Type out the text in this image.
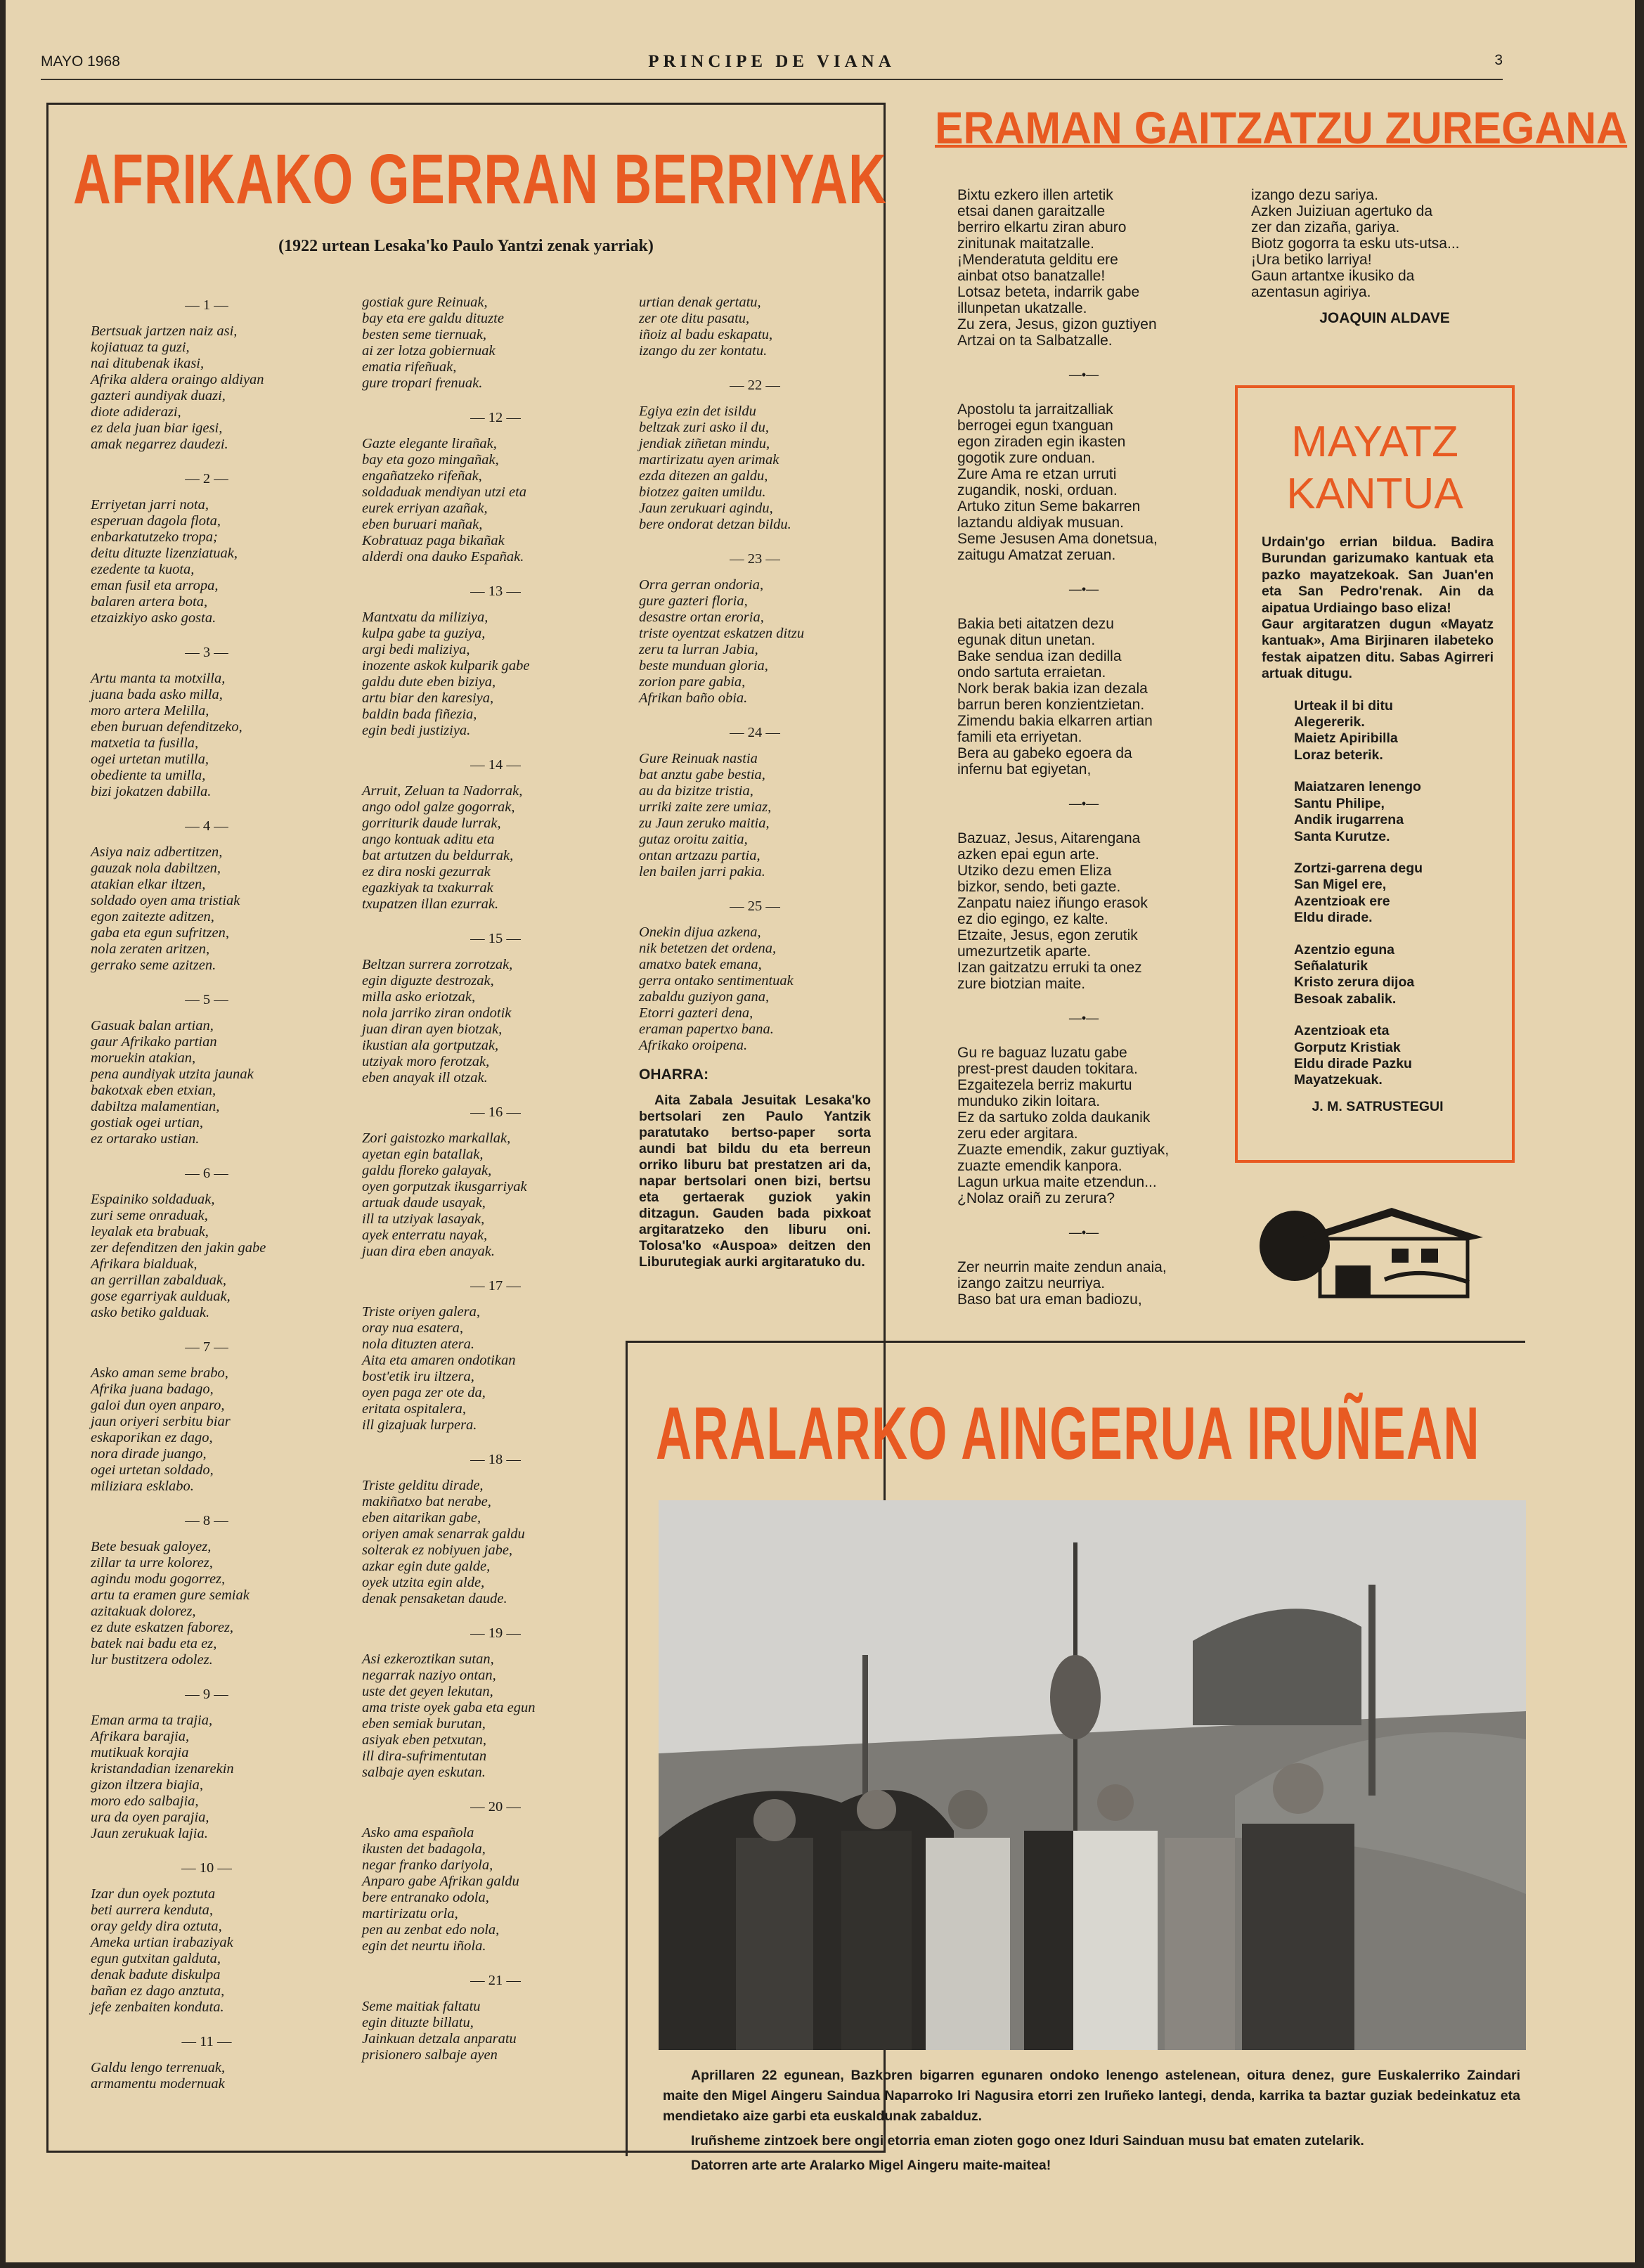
MAYO 1968	PRINCIPE DE VIANA	3
AFRIKAKO GERRAN BERRIYAK
(1922 urtean Lesaka'ko Paulo Yantzi zenak yarriak)
— 1 —
Bertsuak jartzen naiz asi,
kojiatuaz ta guzi,
nai ditubenak ikasi,
Afrika aldera oraingo aldiyan
gazteri aundiyak duazi,
diote adiderazi,
ez dela juan biar igesi,
amak negarrez daudezi.
— 2 —
Erriyetan jarri nota,
esperuan dagola flota,
enbarkatutzeko tropa;
deitu dituzte lizenziatuak,
ezedente ta kuota,
eman fusil eta arropa,
balaren artera bota,
etzaizkiyo asko gosta.
— 3 —
Artu manta ta motxilla,
juana bada asko milla,
moro artera Melilla,
eben buruan defenditzeko,
matxetia ta fusilla,
ogei urtetan mutilla,
obediente ta umilla,
bizi jokatzen dabilla.
— 4 —
Asiya naiz adbertitzen,
gauzak nola dabiltzen,
atakian elkar iltzen,
soldado oyen ama tristiak
egon zaitezte aditzen,
gaba eta egun sufritzen,
nola zeraten aritzen,
gerrako seme azitzen.
— 5 —
Gasuak balan artian,
gaur Afrikako partian
moruekin atakian,
pena aundiyak utzita jaunak
bakotxak eben etxian,
dabiltza malamentian,
gostiak ogei urtian,
ez ortarako ustian.
— 6 —
Espainiko soldaduak,
zuri seme onraduak,
leyalak eta brabuak,
zer defenditzen den jakin gabe
Afrikara bialduak,
an gerrillan zabalduak,
gose egarriyak aulduak,
asko betiko galduak.
— 7 —
Asko aman seme brabo,
Afrika juana badago,
galoi dun oyen anparo,
jaun oriyeri serbitu biar
eskaporikan ez dago,
nora dirade juango,
ogei urtetan soldado,
miliziara esklabo.
— 8 —
Bete besuak galoyez,
zillar ta urre kolorez,
agindu modu gogorrez,
artu ta eramen gure semiak
azitakuak dolorez,
ez dute eskatzen faborez,
batek nai badu eta ez,
lur bustitzera odolez.
— 9 —
Eman arma ta trajia,
Afrikara barajia,
mutikuak korajia
kristandadian izenarekin
gizon iltzera biajia,
moro edo salbajia,
ura da oyen parajia,
Jaun zerukuak lajia.
— 10 —
Izar dun oyek poztuta
beti aurrera kenduta,
oray geldy dira oztuta,
Ameka urtian irabaziyak
egun gutxitan galduta,
denak badute diskulpa
bañan ez dago anztuta,
jefe zenbaiten konduta.
— 11 —
Galdu lengo terrenuak,
armamentu modernuak
gostiak gure Reinuak,
bay eta ere galdu dituzte
besten seme tiernuak,
ai zer lotza gobiernuak
ematia rifeñuak,
gure tropari frenuak.
— 12 —
Gazte elegante lirañak,
bay eta gozo mingañak,
engañatzeko rifeñak,
soldaduak mendiyan utzi eta
eurek erriyan azañak,
eben buruari mañak,
Kobratuaz paga bikañak
alderdi ona dauko Españak.
— 13 —
Mantxatu da miliziya,
kulpa gabe ta guziya,
argi bedi maliziya,
inozente askok kulparik gabe
galdu dute eben biziya,
artu biar den karesiya,
baldin bada fiñezia,
egin bedi justiziya.
— 14 —
Arruit, Zeluan ta Nadorrak,
ango odol galze gogorrak,
gorriturik daude lurrak,
ango kontuak aditu eta
bat artutzen du beldurrak,
ez dira noski gezurrak
egazkiyak ta txakurrak
txupatzen illan ezurrak.
— 15 —
Beltzan surrera zorrotzak,
egin diguzte destrozak,
milla asko eriotzak,
nola jarriko ziran ondotik
juan diran ayen biotzak,
ikustian ala gortputzak,
utziyak moro ferotzak,
eben anayak ill otzak.
— 16 —
Zori gaistozko markallak,
ayetan egin batallak,
galdu floreko galayak,
oyen gorputzak ikusgarriyak
artuak daude usayak,
ill ta utziyak lasayak,
ayek enterratu nayak,
juan dira eben anayak.
— 17 —
Triste oriyen galera,
oray nua esatera,
nola dituzten atera.
Aita eta amaren ondotikan
bost'etik iru iltzera,
oyen paga zer ote da,
eritata ospitalera,
ill gizajuak lurpera.
— 18 —
Triste gelditu dirade,
makiñatxo bat nerabe,
eben aitarikan gabe,
oriyen amak senarrak galdu
solterak ez nobiyuen jabe,
azkar egin dute galde,
oyek utzita egin alde,
denak pensaketan daude.
— 19 —
Asi ezkeroztikan sutan,
negarrak naziyo ontan,
uste det geyen lekutan,
ama triste oyek gaba eta egun
eben semiak burutan,
asiyak eben petxutan,
ill dira-sufrimentutan
salbaje ayen eskutan.
— 20 —
Asko ama española
ikusten det badagola,
negar franko dariyola,
Anparo gabe Afrikan galdu
bere entranako odola,
martirizatu orla,
pen au zenbat edo nola,
egin det neurtu iñola.
— 21 —
Seme maitiak faltatu
egin dituzte billatu,
Jainkuan detzala anparatu
prisionero salbaje ayen
urtian denak gertatu,
zer ote ditu pasatu,
iñoiz al badu eskapatu,
izango du zer kontatu.
— 22 —
Egiya ezin det isildu
beltzak zuri asko il du,
jendiak ziñetan mindu,
martirizatu ayen arimak
ezda ditezen an galdu,
biotzez gaiten umildu.
Jaun zerukuari agindu,
bere ondorat detzan bildu.
— 23 —
Orra gerran ondoria,
gure gazteri floria,
desastre ortan eroria,
triste oyentzat eskatzen ditzu
zeru ta lurran Jabia,
beste munduan gloria,
zorion pare gabia,
Afrikan baño obia.
— 24 —
Gure Reinuak nastia
bat anztu gabe bestia,
au da bizitze tristia,
urriki zaite zere umiaz,
zu Jaun zeruko maitia,
gutaz oroitu zaitia,
ontan artzazu partia,
len bailen jarri pakia.
— 25 —
Onekin dijua azkena,
nik betetzen det ordena,
amatxo batek emana,
gerra ontako sentimentuak
zabaldu guziyon gana,
Etorri gazteri dena,
eraman papertxo bana.
Afrikako oroipena.
OHARRA:
Aita Zabala Jesuitak Lesaka'ko bertsolari zen Paulo Yantzik paratutako bertso-paper sorta aundi bat bildu du eta berreun orriko liburu bat prestatzen ari da, napar bertsolari onen bizi, bertsu eta gertaerak guziok yakin ditzagun. Gauden bada pixkoat argitaratzeko den liburu oni. Tolosa'ko «Auspoa» deitzen den Liburutegiak aurki argitaratuko du.
ERAMAN GAITZATZU ZUREGANA
Bixtu ezkero illen artetik
etsai danen garaitzalle
berriro elkartu ziran aburo
zinitunak maitatzalle.
¡Menderatuta gelditu ere
ainbat otso banatzalle!
Lotsaz beteta, indarrik gabe
illunpetan ukatzalle.
Zu zera, Jesus, gizon guztiyen
Artzai on ta Salbatzalle.
—•—
Apostolu ta jarraitzalliak
berrogei egun txanguan
egon ziraden egin ikasten
gogotik zure onduan.
Zure Ama re etzan urruti
zugandik, noski, orduan.
Artuko zitun Seme bakarren
laztandu aldiyak musuan.
Seme Jesusen Ama donetsua,
zaitugu Amatzat zeruan.
—•—
Bakia beti aitatzen dezu
egunak ditun unetan.
Bake sendua izan dedilla
ondo sartuta erraietan.
Nork berak bakia izan dezala
barrun beren konzientzietan.
Zimendu bakia elkarren artian
famili eta erriyetan.
Bera au gabeko egoera da
infernu bat egiyetan,
—•—
Bazuaz, Jesus, Aitarengana
azken epai egun arte.
Utziko dezu emen Eliza
bizkor, sendo, beti gazte.
Zanpatu naiez iñungo erasok
ez dio egingo, ez kalte.
Etzaite, Jesus, egon zerutik
umezurtzetik aparte.
Izan gaitzatzu erruki ta onez
zure biotzian maite.
—•—
Gu re baguaz luzatu gabe
prest-prest dauden tokitara.
Ezgaitezela berriz makurtu
munduko zikin loitara.
Ez da sartuko zolda daukanik
zeru eder argitara.
Zuazte emendik, zakur guztiyak,
zuazte emendik kanpora.
Lagun urkua maite etzendun...
¿Nolaz oraiñ zu zerura?
—•—
Zer neurrin maite zendun anaia,
izango zaitzu neurriya.
Baso bat ura eman badiozu,
izango dezu sariya.
Azken Juiziuan agertuko da
zer dan zizaña, gariya.
Biotz gogorra ta esku uts-utsa...
¡Ura betiko larriya!
Gaun artantxe ikusiko da
azentasun agiriya.
JOAQUIN ALDAVE
MAYATZ KANTUA
Urdain'go errian bildua. Badira Burundan garizumako kantuak eta pazko mayatzekoak. San Juan'en eta San Pedro'renak. Ain da aipatua Urdiaingo baso eliza!
Gaur argitaratzen dugun «Mayatz kantuak», Ama Birjinaren ilabeteko festak aipatzen ditu. Sabas Agirreri artuak ditugu.
Urteak il bi ditu
Alegererik.
Maietz Apiribilla
Loraz beterik.
Maiatzaren lenengo
Santu Philipe,
Andik irugarrena
Santa Kurutze.
Zortzi-garrena degu
San Migel ere,
Azentzioak ere
Eldu dirade.
Azentzio eguna
Señalaturik
Kristo zerura dijoa
Besoak zabalik.
Azentzioak eta
Gorputz Kristiak
Eldu dirade Pazku
Mayatzekuak.
J. M. SATRUSTEGUI
ARALARKO AINGERUA IRUÑEAN

Aprillaren 22 egunean, Bazkoren bigarren egunaren ondoko lenengo astelenean, oitura denez, gure Euskalerriko Zaindari maite den Migel Aingeru Saindua Naparroko Iri Nagusira etorri zen Iruñeko lantegi, denda, karrika ta baztar guziak bedeinkatuz eta mendietako aize garbi eta euskaldunak zabalduz.

Iruñsheme zintzoek bere ongi etorria eman zioten gogo onez Iduri Sainduan musu bat ematen zutelarik.

Datorren arte arte Aralarko Migel Aingeru maite-maitea!
